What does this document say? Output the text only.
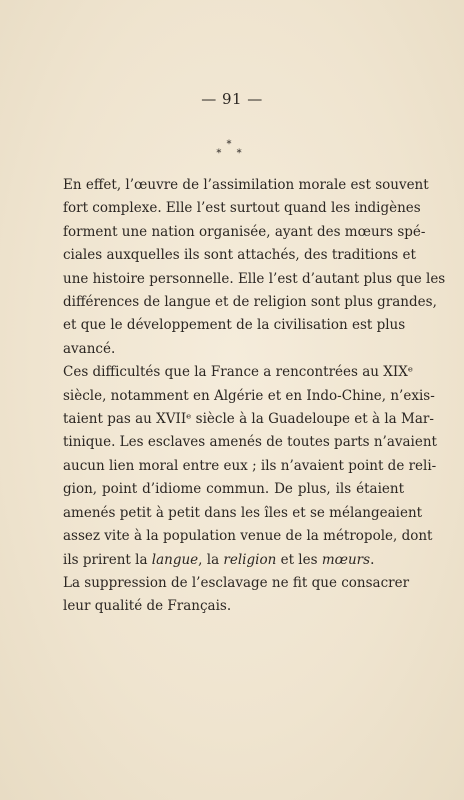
— 91 —
*
* *
En effet, l’œuvre de l’assimilation morale est souvent
fort complexe. Elle l’est surtout quand les indigènes
forment une nation organisée, ayant des mœurs spé-
ciales auxquelles ils sont attachés, des traditions et
une histoire personnelle. Elle l’est d’autant plus que les
différences de langue et de religion sont plus grandes,
et que le développement de la civilisation est plus
avancé.
Ces difficultés que la France a rencontrées au XIXᵉ
siècle, notamment en Algérie et en Indo-Chine, n’exis-
taient pas au XVIIᵉ siècle à la Guadeloupe et à la Mar-
tinique. Les esclaves amenés de toutes parts n’avaient
aucun lien moral entre eux ; ils n’avaient point de reli-
gion, point d’idiome commun. De plus, ils étaient
amenés petit à petit dans les îles et se mélangeaient
assez vite à la population venue de la métropole, dont
ils prirent la langue, la religion et les mœurs.
La suppression de l’esclavage ne fit que consacrer
leur qualité de Français.
